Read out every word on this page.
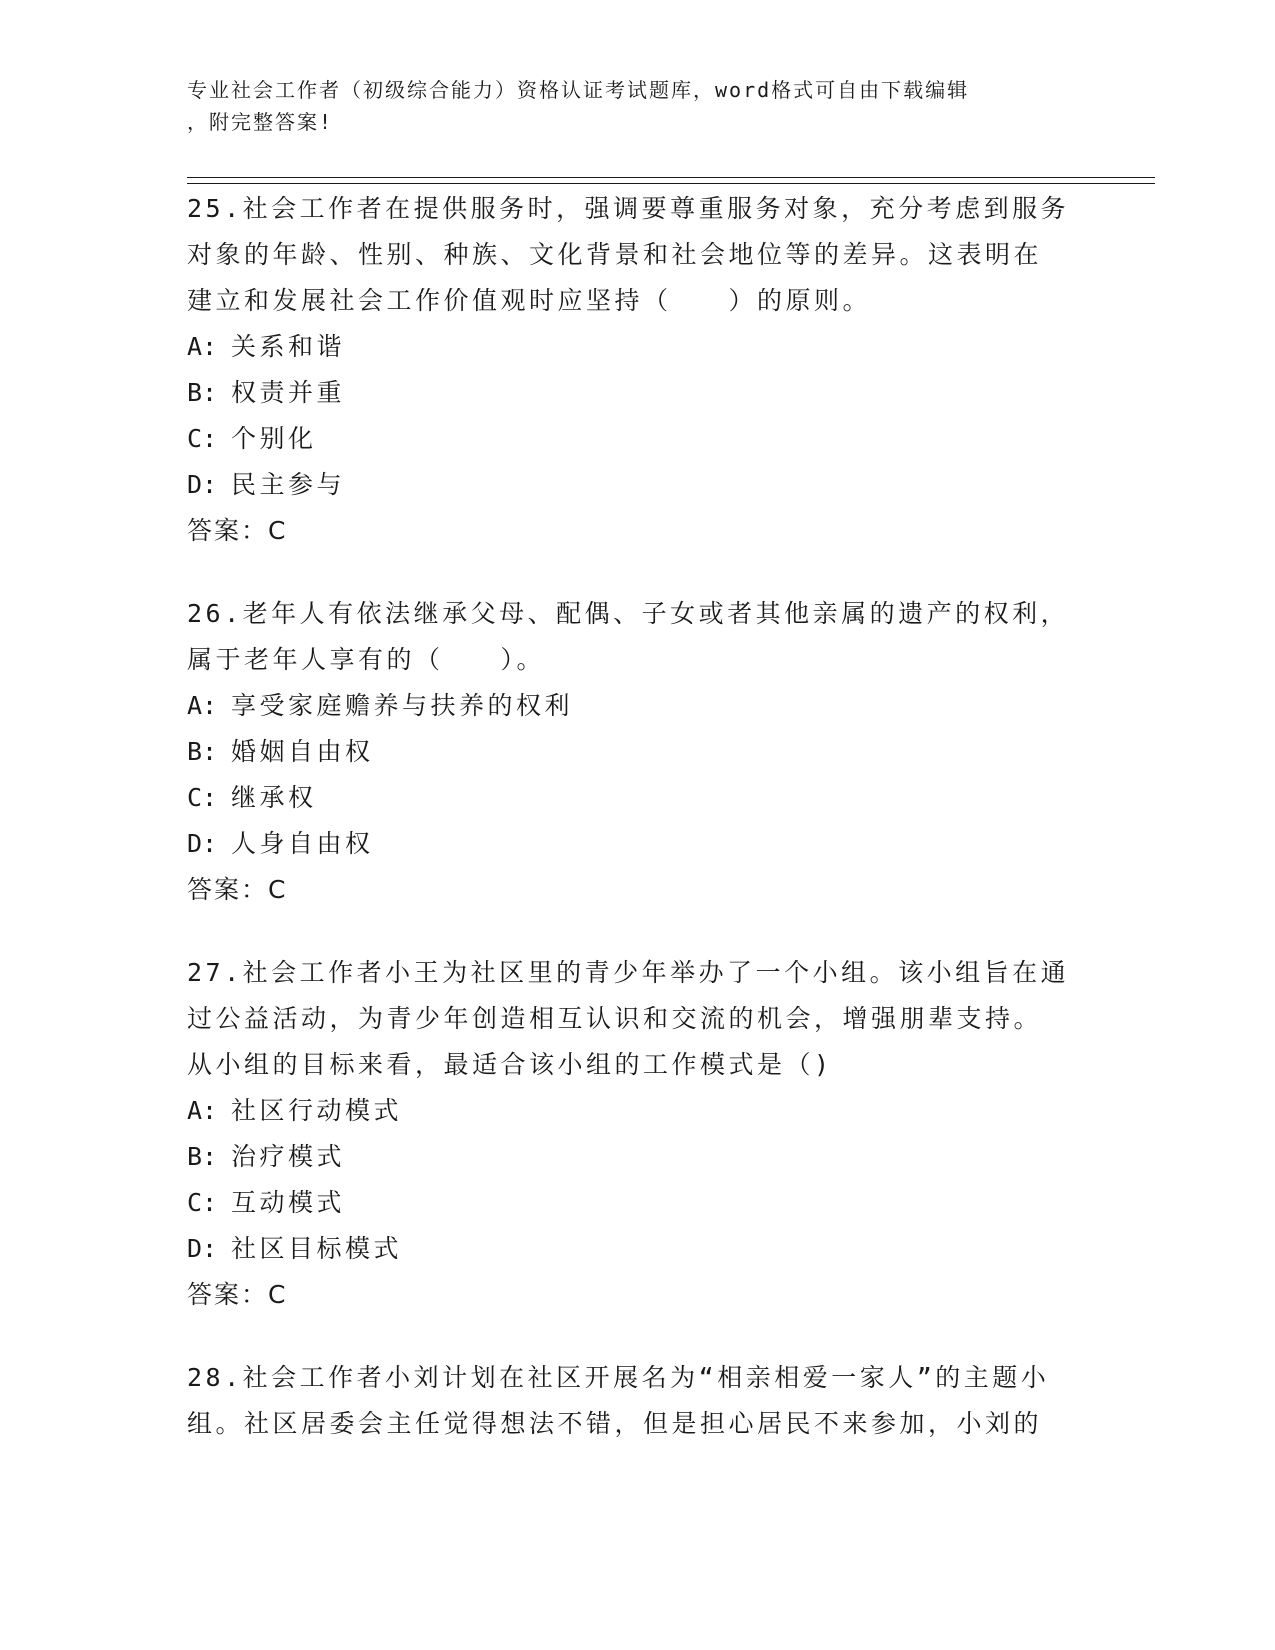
专业社会工作者（初级综合能力）资格认证考试题库，word格式可自由下载编辑
，附完整答案!
25.社会工作者在提供服务时，强调要尊重服务对象，充分考虑到服务
对象的年龄、性别、种族、文化背景和社会地位等的差异。这表明在
建立和发展社会工作价值观时应坚持（　　）的原则。
A: 关系和谐
B: 权责并重
C: 个别化
D: 民主参与
答案：C
26.老年人有依法继承父母、配偶、子女或者其他亲属的遗产的权利，
属于老年人享有的（　　）。
A: 享受家庭赡养与扶养的权利
B: 婚姻自由权
C: 继承权
D: 人身自由权
答案：C
27.社会工作者小王为社区里的青少年举办了一个小组。该小组旨在通
过公益活动，为青少年创造相互认识和交流的机会，增强朋辈支持。
从小组的目标来看，最适合该小组的工作模式是（)
A: 社区行动模式
B: 治疗模式
C: 互动模式
D: 社区目标模式
答案：C
28.社会工作者小刘计划在社区开展名为“相亲相爱一家人”的主题小
组。社区居委会主任觉得想法不错，但是担心居民不来参加，小刘的
